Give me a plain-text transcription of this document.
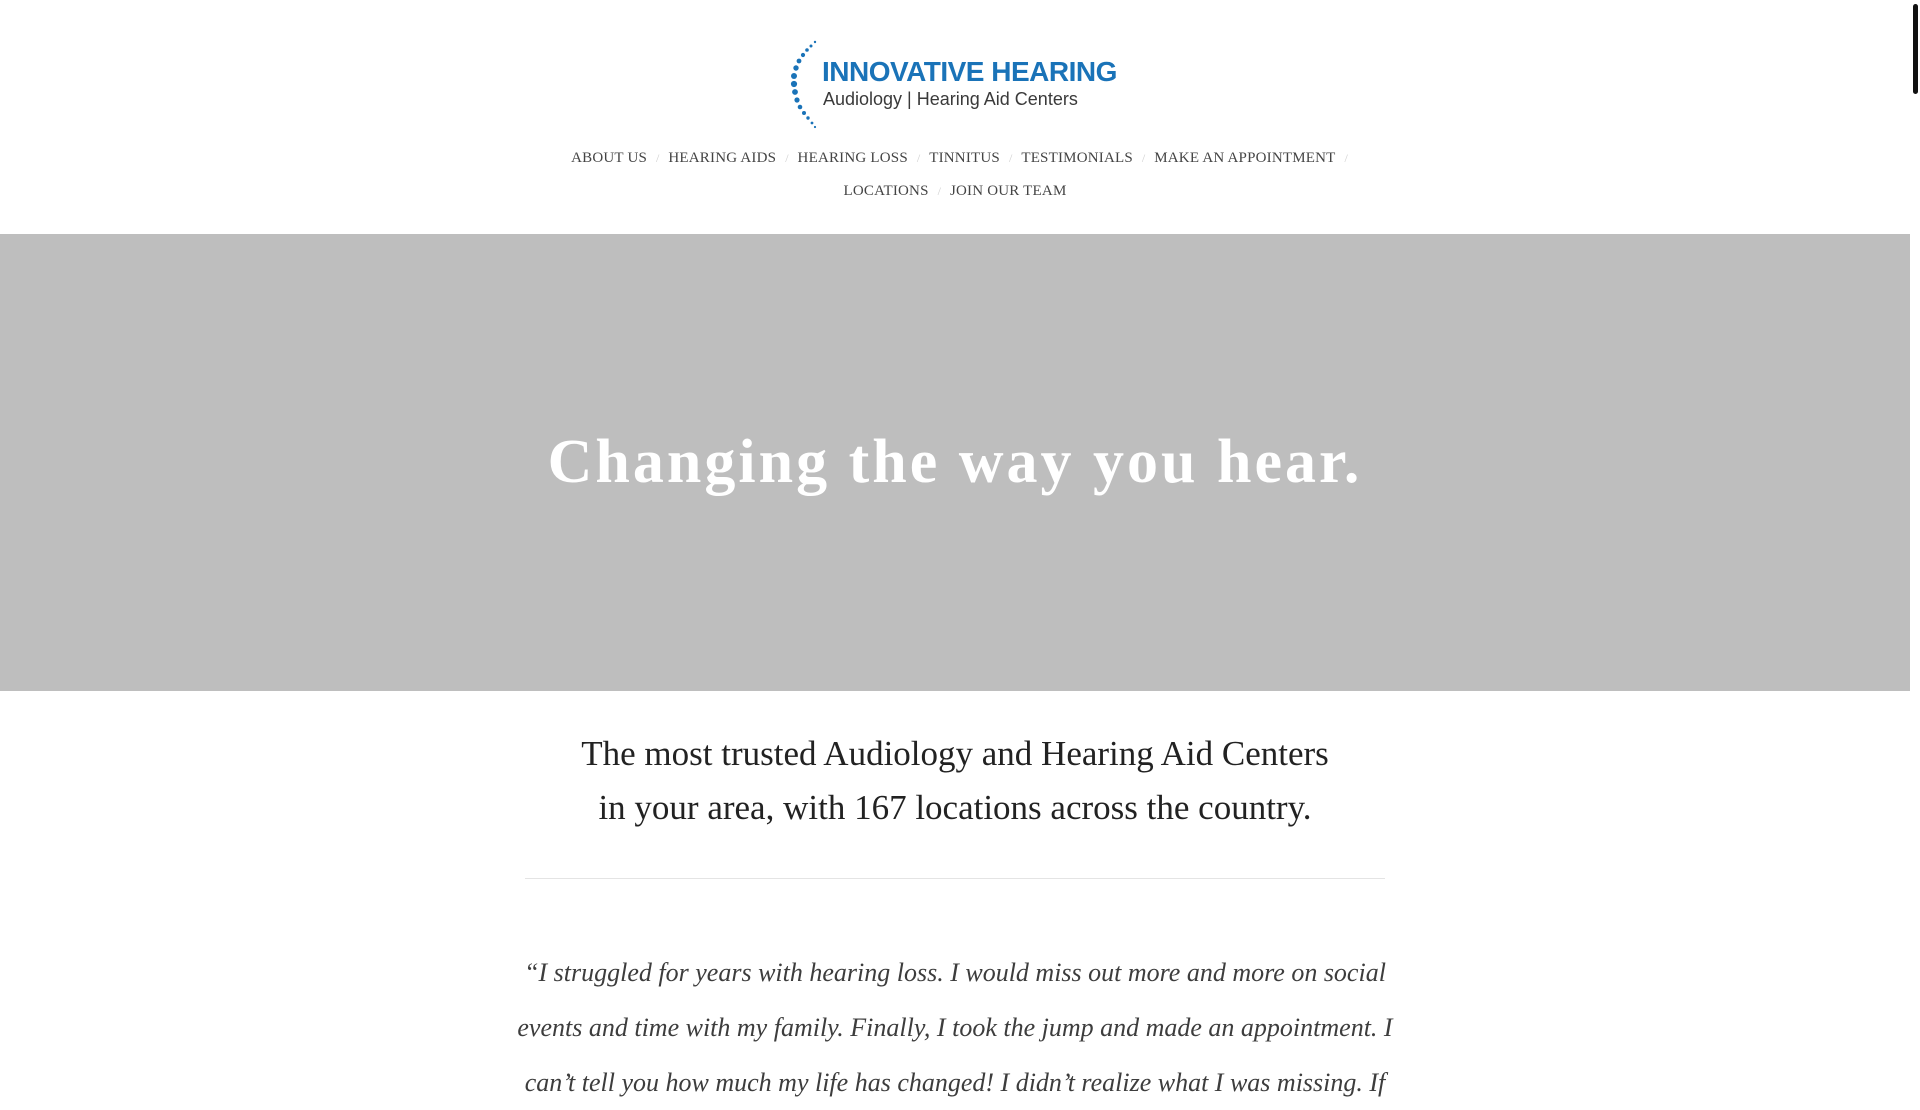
INNOVATIVE HEARING
Audiology | Hearing Aid Centers
ABOUT US / HEARING AIDS / HEARING LOSS / TINNITUS / TESTIMONIALS / MAKE AN APPOINTMENT /
LOCATIONS / JOIN OUR TEAM
Changing the way you hear.

The most trusted Audiology and Hearing Aid Centers

in your area, with 167 locations across the country.

“I struggled for years with hearing loss. I would miss out more and more on social events and time with my family. Finally, I took the jump and made an appointment. I can’t tell you how much my life has changed! I didn’t realize what I was missing. If
